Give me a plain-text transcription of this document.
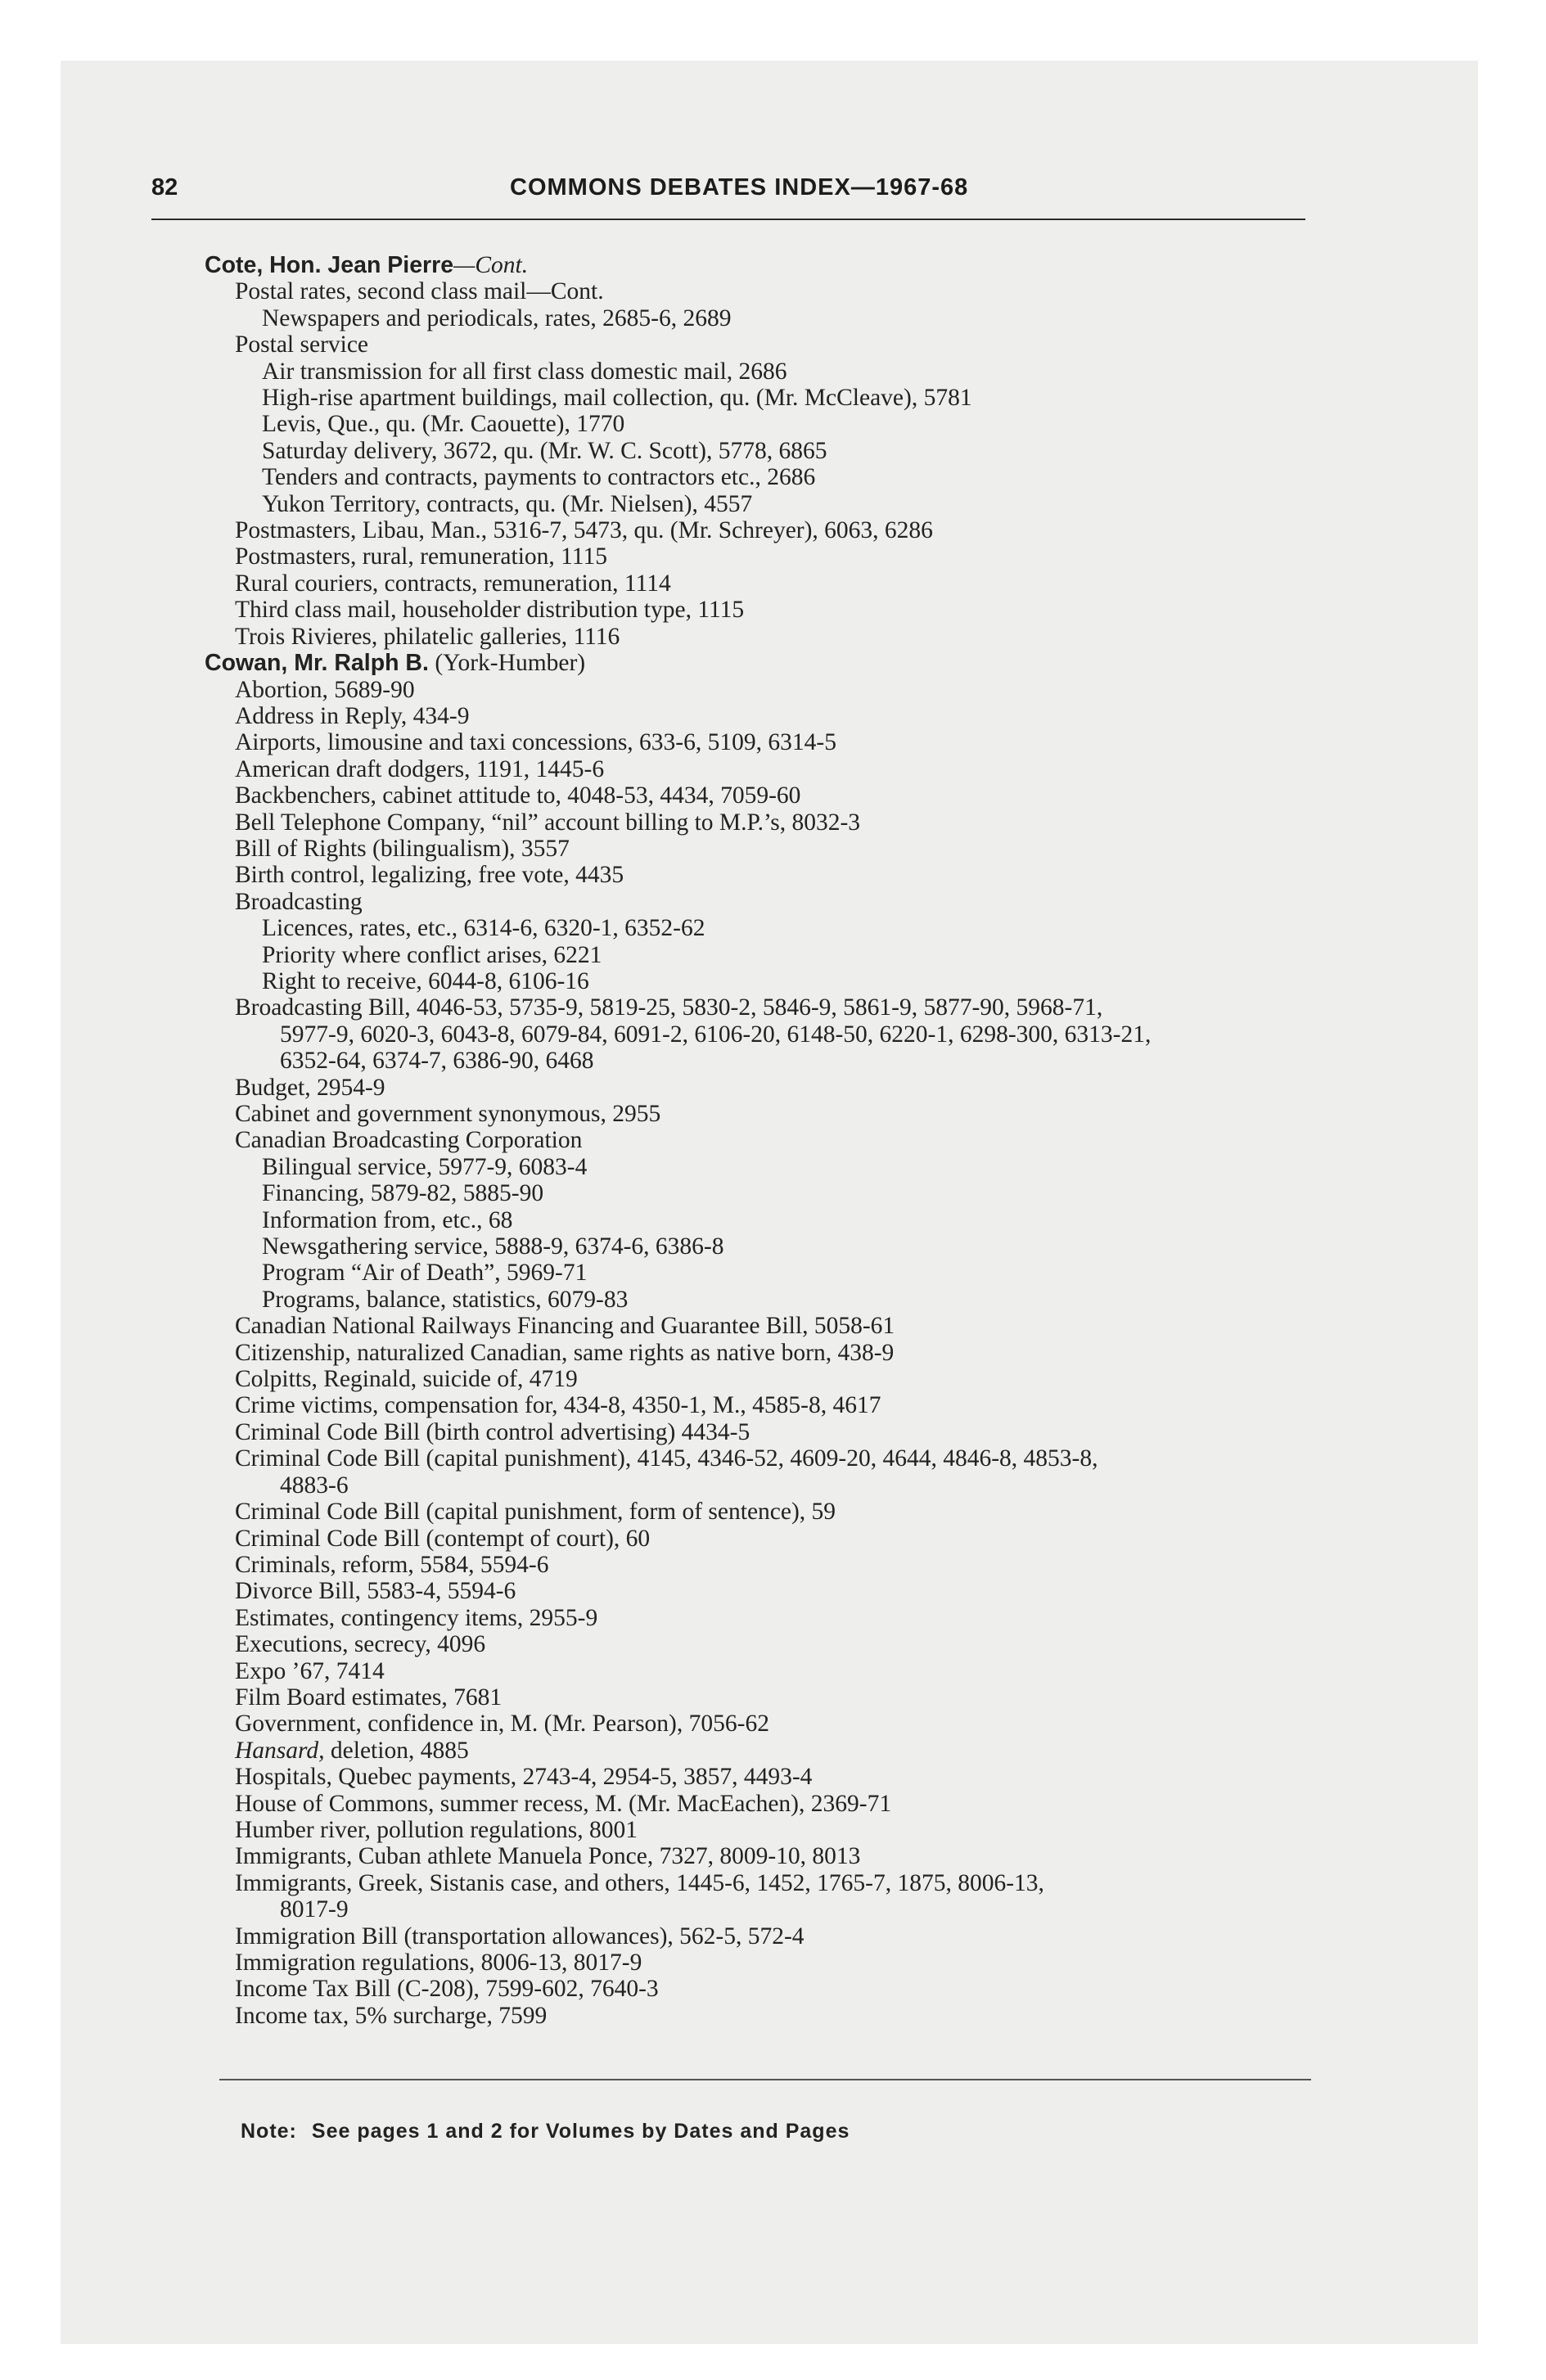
82	COMMONS DEBATES INDEX—1967-68
Cote, Hon. Jean Pierre—Cont.
Postal rates, second class mail—Cont.
Newspapers and periodicals, rates, 2685-6, 2689
Postal service
Air transmission for all first class domestic mail, 2686
High-rise apartment buildings, mail collection, qu. (Mr. McCleave), 5781
Levis, Que., qu. (Mr. Caouette), 1770
Saturday delivery, 3672, qu. (Mr. W. C. Scott), 5778, 6865
Tenders and contracts, payments to contractors etc., 2686
Yukon Territory, contracts, qu. (Mr. Nielsen), 4557
Postmasters, Libau, Man., 5316-7, 5473, qu. (Mr. Schreyer), 6063, 6286
Postmasters, rural, remuneration, 1115
Rural couriers, contracts, remuneration, 1114
Third class mail, householder distribution type, 1115
Trois Rivieres, philatelic galleries, 1116
Cowan, Mr. Ralph B. (York-Humber)
Abortion, 5689-90
Address in Reply, 434-9
Airports, limousine and taxi concessions, 633-6, 5109, 6314-5
American draft dodgers, 1191, 1445-6
Backbenchers, cabinet attitude to, 4048-53, 4434, 7059-60
Bell Telephone Company, “nil” account billing to M.P.’s, 8032-3
Bill of Rights (bilingualism), 3557
Birth control, legalizing, free vote, 4435
Broadcasting
Licences, rates, etc., 6314-6, 6320-1, 6352-62
Priority where conflict arises, 6221
Right to receive, 6044-8, 6106-16
Broadcasting Bill, 4046-53, 5735-9, 5819-25, 5830-2, 5846-9, 5861-9, 5877-90, 5968-71,
5977-9, 6020-3, 6043-8, 6079-84, 6091-2, 6106-20, 6148-50, 6220-1, 6298-300, 6313-21,
6352-64, 6374-7, 6386-90, 6468
Budget, 2954-9
Cabinet and government synonymous, 2955
Canadian Broadcasting Corporation
Bilingual service, 5977-9, 6083-4
Financing, 5879-82, 5885-90
Information from, etc., 68
Newsgathering service, 5888-9, 6374-6, 6386-8
Program “Air of Death”, 5969-71
Programs, balance, statistics, 6079-83
Canadian National Railways Financing and Guarantee Bill, 5058-61
Citizenship, naturalized Canadian, same rights as native born, 438-9
Colpitts, Reginald, suicide of, 4719
Crime victims, compensation for, 434-8, 4350-1, M., 4585-8, 4617
Criminal Code Bill (birth control advertising) 4434-5
Criminal Code Bill (capital punishment), 4145, 4346-52, 4609-20, 4644, 4846-8, 4853-8,
4883-6
Criminal Code Bill (capital punishment, form of sentence), 59
Criminal Code Bill (contempt of court), 60
Criminals, reform, 5584, 5594-6
Divorce Bill, 5583-4, 5594-6
Estimates, contingency items, 2955-9
Executions, secrecy, 4096
Expo ’67, 7414
Film Board estimates, 7681
Government, confidence in, M. (Mr. Pearson), 7056-62
Hansard, deletion, 4885
Hospitals, Quebec payments, 2743-4, 2954-5, 3857, 4493-4
House of Commons, summer recess, M. (Mr. MacEachen), 2369-71
Humber river, pollution regulations, 8001
Immigrants, Cuban athlete Manuela Ponce, 7327, 8009-10, 8013
Immigrants, Greek, Sistanis case, and others, 1445-6, 1452, 1765-7, 1875, 8006-13,
8017-9
Immigration Bill (transportation allowances), 562-5, 572-4
Immigration regulations, 8006-13, 8017-9
Income Tax Bill (C-208), 7599-602, 7640-3
Income tax, 5% surcharge, 7599
Note: See pages 1 and 2 for Volumes by Dates and Pages
